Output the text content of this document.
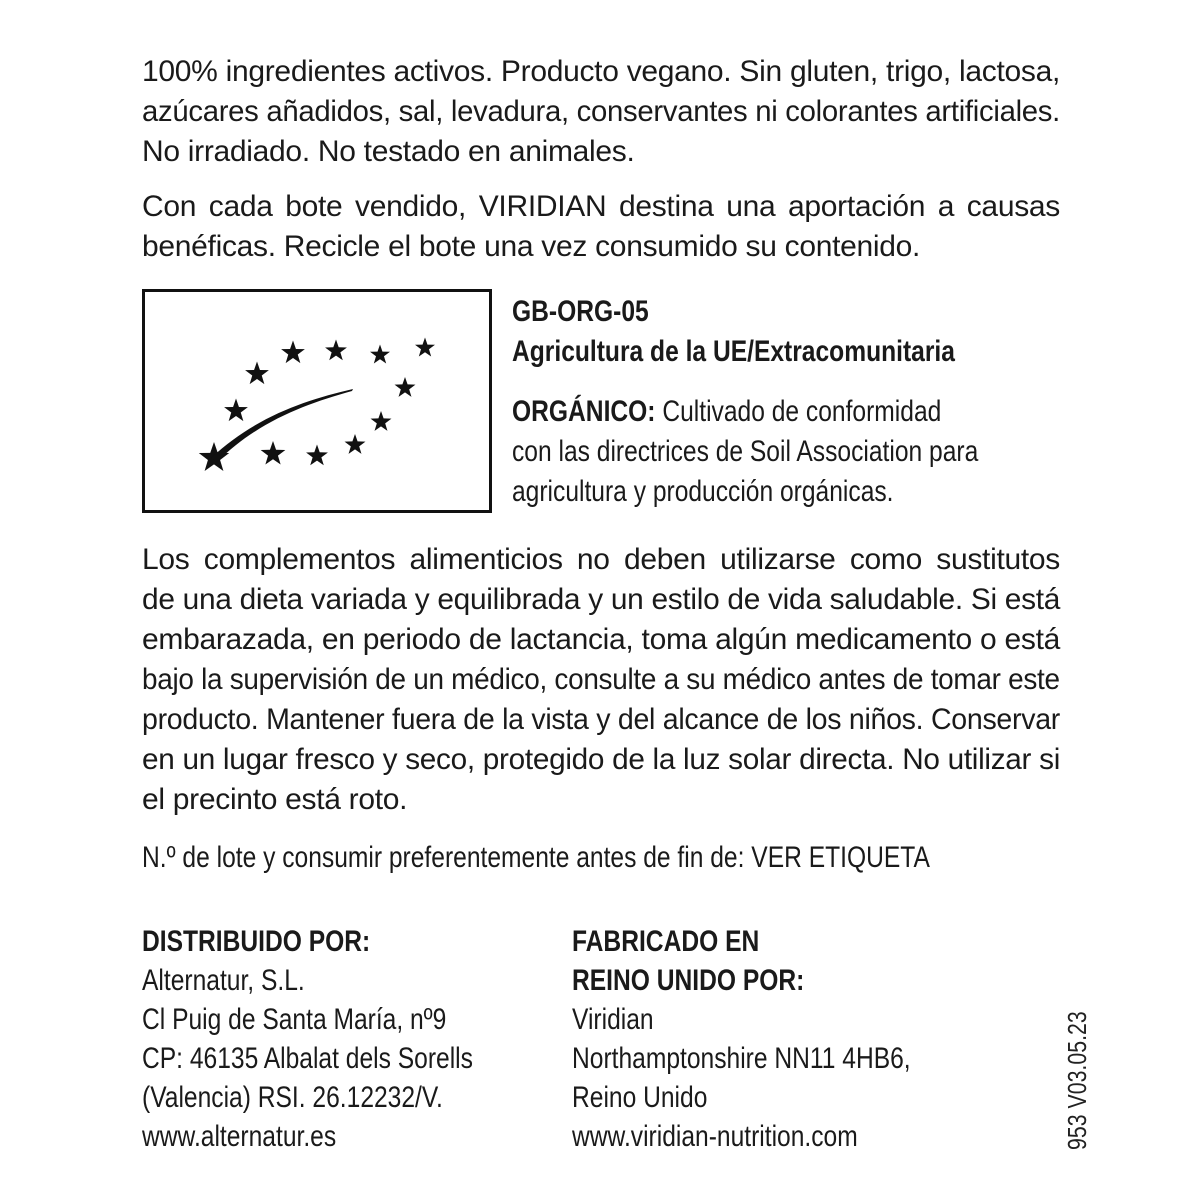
100% ingredientes activos. Producto vegano. Sin gluten, trigo, lactosa,
azúcares añadidos, sal, levadura, conservantes ni colorantes artificiales.
No irradiado. No testado en animales.
Con cada bote vendido, VIRIDIAN destina una aportación a causas
benéficas. Recicle el bote una vez consumido su contenido.
GB-ORG-05
Agricultura de la UE/Extracomunitaria
ORGÁNICO: Cultivado de conformidad
con las directrices de Soil Association para
agricultura y producción orgánicas.
Los complementos alimenticios no deben utilizarse como sustitutos
de una dieta variada y equilibrada y un estilo de vida saludable. Si está
embarazada, en periodo de lactancia, toma algún medicamento o está
bajo la supervisión de un médico, consulte a su médico antes de tomar este
producto. Mantener fuera de la vista y del alcance de los niños. Conservar
en un lugar fresco y seco, protegido de la luz solar directa. No utilizar si
el precinto está roto.
N.º de lote y consumir preferentemente antes de fin de: VER ETIQUETA
DISTRIBUIDO POR:
Alternatur, S.L.
Cl Puig de Santa María, nº9
CP: 46135 Albalat dels Sorells
(Valencia) RSI. 26.12232/V.
www.alternatur.es
FABRICADO EN
REINO UNIDO POR:
Viridian
Northamptonshire NN11 4HB6,
Reino Unido
www.viridian-nutrition.com	953 V03.05.23
